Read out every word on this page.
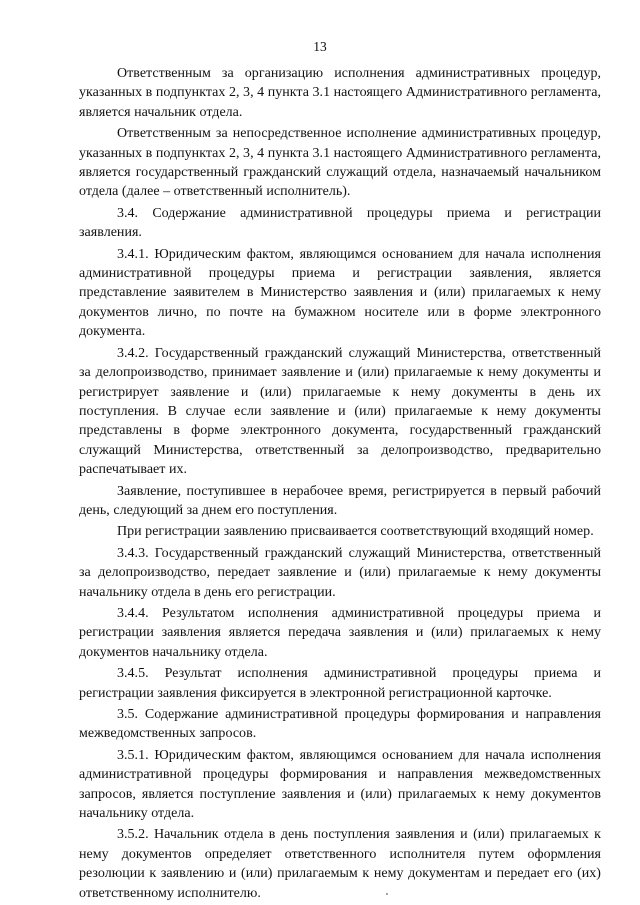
13

Ответственным за организацию исполнения административных процедур, указанных в подпунктах 2, 3, 4 пункта 3.1 настоящего Административного регламента, является начальник отдела.

Ответственным за непосредственное исполнение административных процедур, указанных в подпунктах 2, 3, 4 пункта 3.1 настоящего Административного регламента, является государственный гражданский служащий отдела, назначаемый начальником отдела (далее – ответственный исполнитель).

3.4. Содержание административной процедуры приема и регистрации заявления.

3.4.1. Юридическим фактом, являющимся основанием для начала исполнения административной процедуры приема и регистрации заявления, является представление заявителем в Министерство заявления и (или) прилагаемых к нему документов лично, по почте на бумажном носителе или в форме электронного документа.

3.4.2. Государственный гражданский служащий Министерства, ответственный за делопроизводство, принимает заявление и (или) прилагаемые к нему документы и регистрирует заявление и (или) прилагаемые к нему документы в день их поступления. В случае если заявление и (или) прилагаемые к нему документы представлены в форме электронного документа, государственный гражданский служащий Министерства, ответственный за делопроизводство, предварительно распечатывает их.

Заявление, поступившее в нерабочее время, регистрируется в первый рабочий день, следующий за днем его поступления.

При регистрации заявлению присваивается соответствующий входящий номер.

3.4.3. Государственный гражданский служащий Министерства, ответственный за делопроизводство, передает заявление и (или) прилагаемые к нему документы начальнику отдела в день его регистрации.

3.4.4. Результатом исполнения административной процедуры приема и регистрации заявления является передача заявления и (или) прилагаемых к нему документов начальнику отдела.

3.4.5. Результат исполнения административной процедуры приема и регистрации заявления фиксируется в электронной регистрационной карточке.

3.5. Содержание административной процедуры формирования и направления межведомственных запросов.

3.5.1. Юридическим фактом, являющимся основанием для начала исполнения административной процедуры формирования и направления межведомственных запросов, является поступление заявления и (или) прилагаемых к нему документов начальнику отдела.

3.5.2. Начальник отдела в день поступления заявления и (или) прилагаемых к нему документов определяет ответственного исполнителя путем оформления резолюции к заявлению и (или) прилагаемым к нему документам и передает его (их) ответственному исполнителю.
